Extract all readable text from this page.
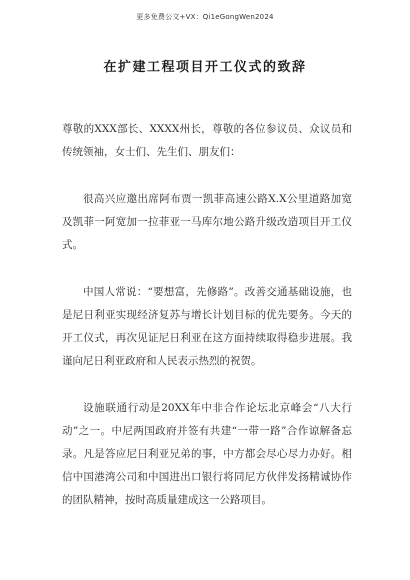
更多免费公文+VX：Qi1eGongWen2024
在扩建工程项目开工仪式的致辞

尊敬的XXX部长、XXXX州长，尊敬的各位参议员、众议员和传统领袖，女士们、先生们、朋友们：

很高兴应邀出席阿布贾一凯菲高速公路X.X公里道路加宽及凯菲一阿宽加一拉菲亚一马库尔地公路升级改造项目开工仪式。

中国人常说：“要想富，先修路”。改善交通基础设施，也是尼日利亚实现经济复苏与增长计划目标的优先要务。今天的开工仪式，再次见证尼日利亚在这方面持续取得稳步进展。我谨向尼日利亚政府和人民表示热烈的祝贺。

设施联通行动是20XX年中非合作论坛北京峰会“八大行动”之一。中尼两国政府并签有共建“一带一路”合作谅解备忘录。凡是答应尼日利亚兄弟的事，中方都会尽心尽力办好。相信中国港湾公司和中国进出口银行将同尼方伙伴发扬精诚协作的团队精神，按时高质量建成这一公路项目。
